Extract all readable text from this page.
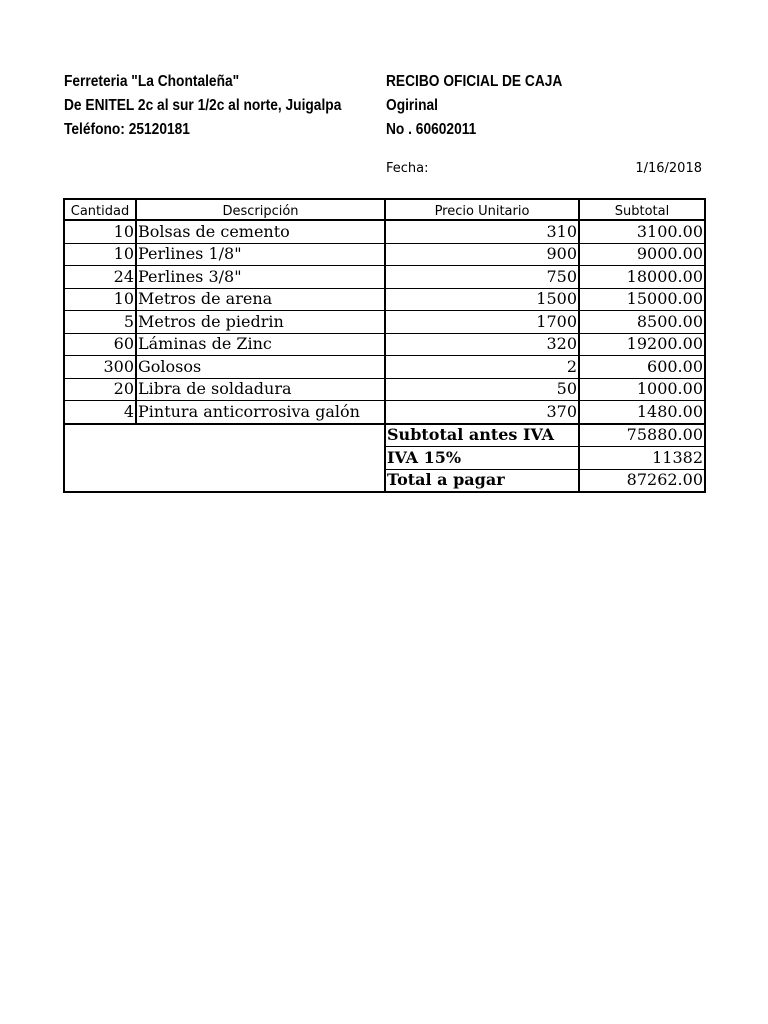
Ferreteria "La Chontaleña"
De ENITEL 2c al sur 1/2c al norte, Juigalpa
Teléfono: 25120181
RECIBO OFICIAL DE CAJA
Ogirinal
No . 60602011
Fecha:	1/16/2018
Cantidad	Descripción	Precio Unitario	Subtotal
10	Bolsas de cemento	310	3100.00
10	Perlines 1/8"	900	9000.00
24	Perlines 3/8"	750	18000.00
10	Metros de arena	1500	15000.00
5	Metros de piedrin	1700	8500.00
60	Láminas de Zinc	320	19200.00
300	Golosos	2	600.00
20	Libra de soldadura	50	1000.00
4	Pintura anticorrosiva galón	370	1480.00
		Subtotal antes IVA	75880.00
		IVA 15%	11382
		Total a pagar	87262.00
